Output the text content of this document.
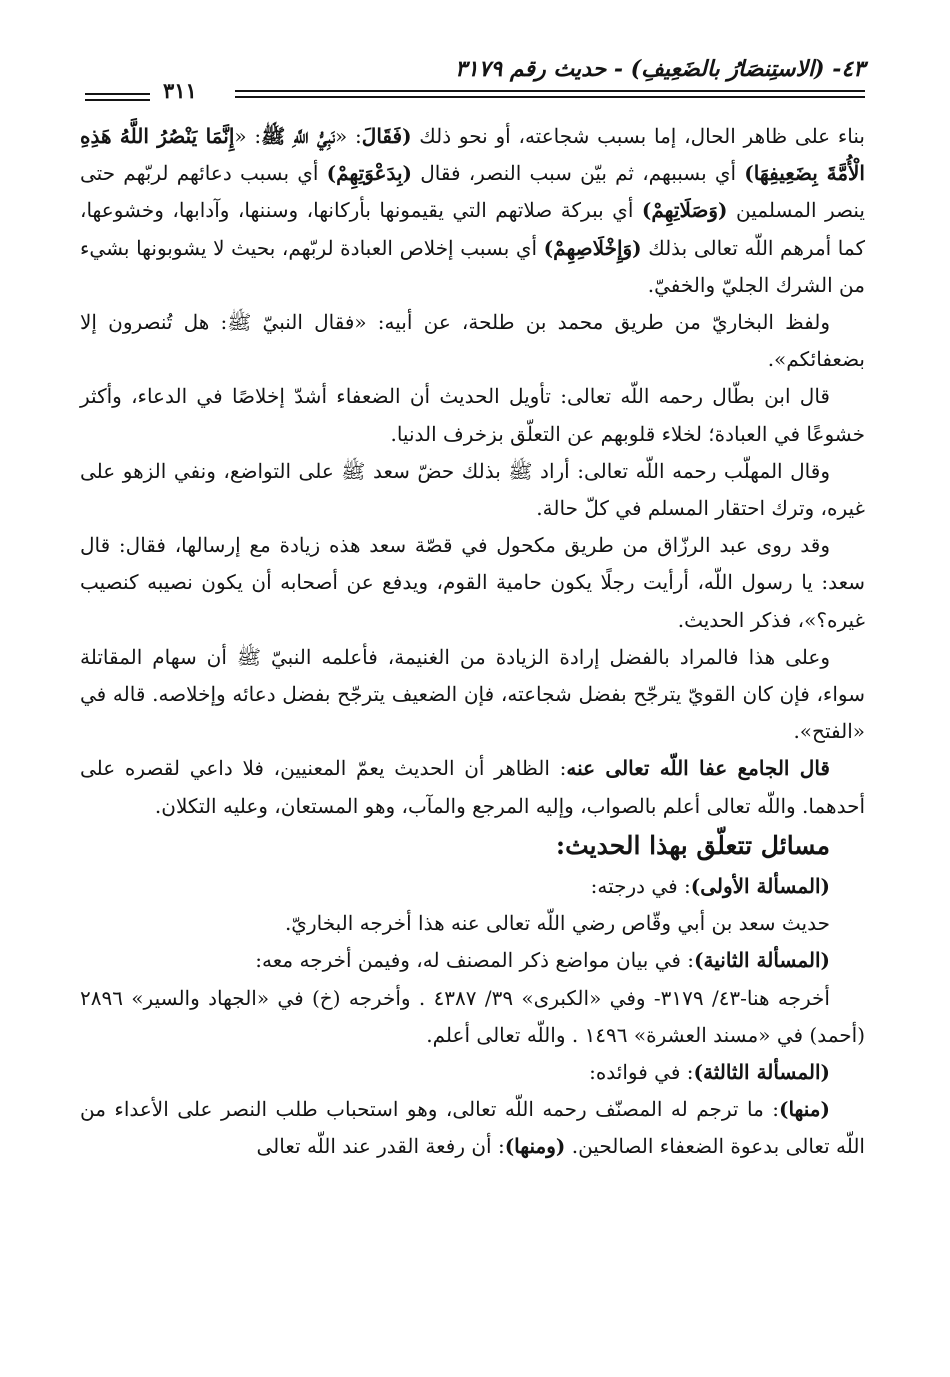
٤٣- (الاستِنصَارُ بالضَعِيفِ) - حديث رقم ٣١٧٩
٣١١

بناء على ظاهر الحال، إما بسبب شجاعته، أو نحو ذلك (فَقَالَ: «نَبِيُّ اللَّهِ ﷺ: «إِنَّمَا يَنْصُرُ اللَّهُ هَذِهِ الْأُمَّةَ بِضَعِيفِهَا) أي بسببهم، ثم بيّن سبب النصر، فقال (بِدَعْوَتِهِمْ) أي بسبب دعائهم لربّهم حتى ينصر المسلمين (وَصَلَاتِهِمْ) أي ببركة صلاتهم التي يقيمونها بأركانها، وسننها، وآدابها، وخشوعها، كما أمرهم اللّه تعالى بذلك (وَإِخْلَاصِهِمْ) أي بسبب إخلاص العبادة لربّهم، بحيث لا يشوبونها بشيء من الشرك الجليّ والخفيّ.

ولفظ البخاريّ من طريق محمد بن طلحة، عن أبيه: «فقال النبيّ ﷺ: هل تُنصرون إلا بضعفائكم».

قال ابن بطّال رحمه اللّه تعالى: تأويل الحديث أن الضعفاء أشدّ إخلاصًا في الدعاء، وأكثر خشوعًا في العبادة؛ لخلاء قلوبهم عن التعلّق بزخرف الدنيا.

وقال المهلّب رحمه اللّه تعالى: أراد ﷺ بذلك حضّ سعد ﷺ على التواضع، ونفي الزهو على غيره، وترك احتقار المسلم في كلّ حالة.

وقد روى عبد الرزّاق من طريق مكحول في قصّة سعد هذه زيادة مع إرسالها، فقال: قال سعد: يا رسول اللّه، أرأيت رجلًا يكون حامية القوم، ويدفع عن أصحابه أن يكون نصيبه كنصيب غيره؟»، فذكر الحديث.

وعلى هذا فالمراد بالفضل إرادة الزيادة من الغنيمة، فأعلمه النبيّ ﷺ أن سهام المقاتلة سواء، فإن كان القويّ يترجّح بفضل شجاعته، فإن الضعيف يترجّح بفضل دعائه وإخلاصه. قاله في «الفتح».

قال الجامع عفا اللّه تعالى عنه: الظاهر أن الحديث يعمّ المعنيين، فلا داعي لقصره على أحدهما. واللّه تعالى أعلم بالصواب، وإليه المرجع والمآب، وهو المستعان، وعليه التكلان.

مسائل تتعلّق بهذا الحديث:

(المسألة الأولى): في درجته:

حديث سعد بن أبي وقّاص رضي اللّه تعالى عنه هذا أخرجه البخاريّ.

(المسألة الثانية): في بيان مواضع ذكر المصنف له، وفيمن أخرجه معه:

أخرجه هنا-٤٣/ ٣١٧٩- وفي «الكبرى» ٣٩/ ٤٣٨٧ . وأخرجه (خ) في «الجهاد والسير» ٢٨٩٦ (أحمد) في «مسند العشرة» ١٤٩٦ . واللّه تعالى أعلم.

(المسألة الثالثة): في فوائده:

(منها): ما ترجم له المصنّف رحمه اللّه تعالى، وهو استحباب طلب النصر على الأعداء من اللّه تعالى بدعوة الضعفاء الصالحين. (ومنها): أن رفعة القدر عند اللّه تعالى
